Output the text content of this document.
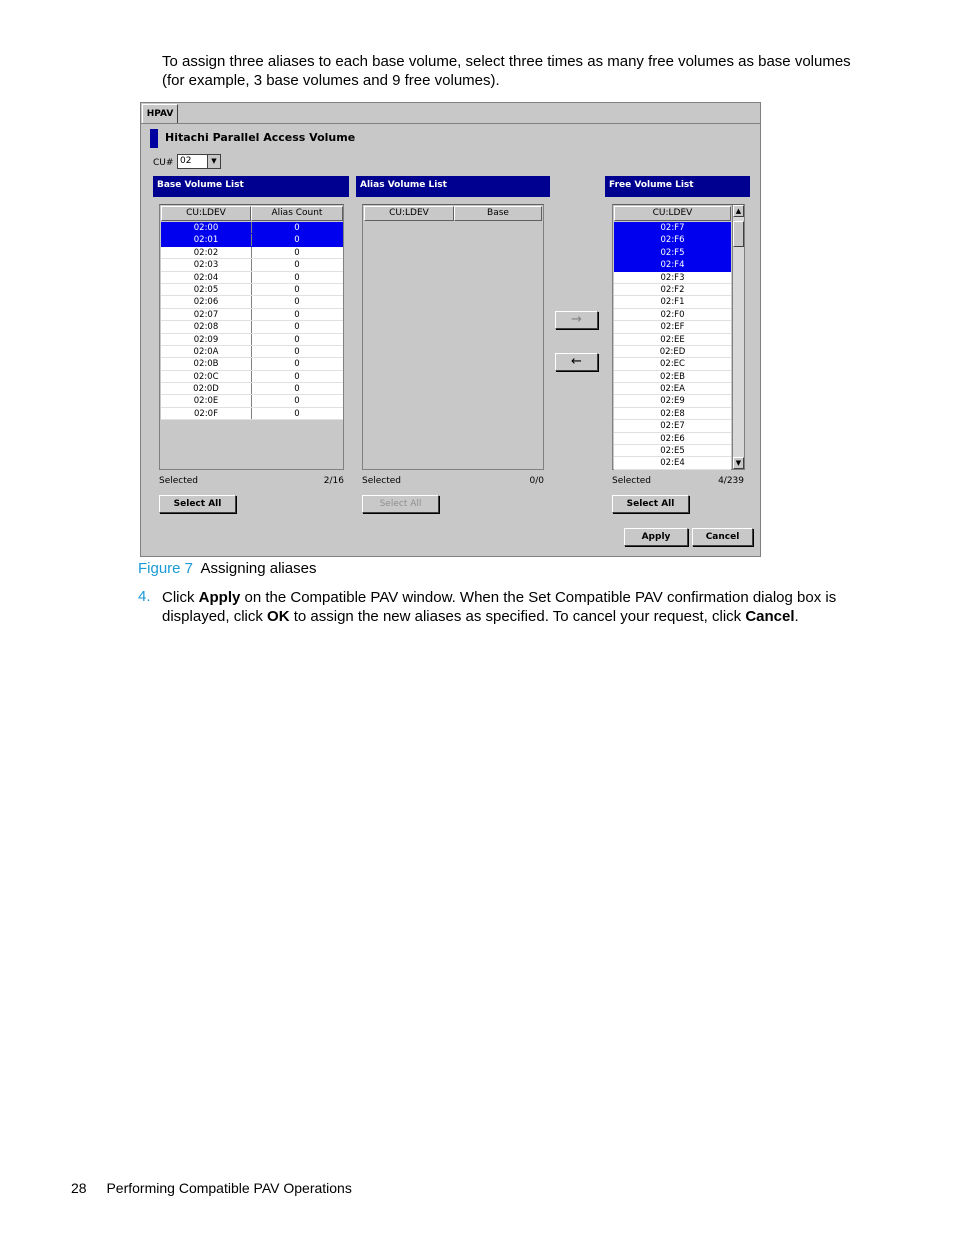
To assign three aliases to each base volume, select three times as many free volumes as base volumes (for example, 3 base volumes and 9 free volumes).
HPAV
Hitachi Parallel Access Volume
CU# 02	▼
Base Volume List
CU:LDEV	Alias Count
02:00	0
02:01	0
02:02	0
02:03	0
02:04	0
02:05	0
02:06	0
02:07	0
02:08	0
02:09	0
02:0A	0
02:0B	0
02:0C	0
02:0D	0
02:0E	0
02:0F	0
Selected	2/16
Select All
Alias Volume List
CU:LDEV	Base
Selected	0/0
Select All
→
←
Free Volume List
CU:LDEV
02:F7
02:F6
02:F5
02:F4
02:F3
02:F2
02:F1
02:F0
02:EF
02:EE
02:ED
02:EC
02:EB
02:EA
02:E9
02:E8
02:E7
02:E6
02:E5
02:E4
▲
▼
Selected	4/239
Select All
Apply	Cancel
Figure 7 Assigning aliases
4. Click Apply on the Compatible PAV window. When the Set Compatible PAV confirmation dialog box is displayed, click OK to assign the new aliases as specified. To cancel your request, click Cancel.
28 Performing Compatible PAV Operations
